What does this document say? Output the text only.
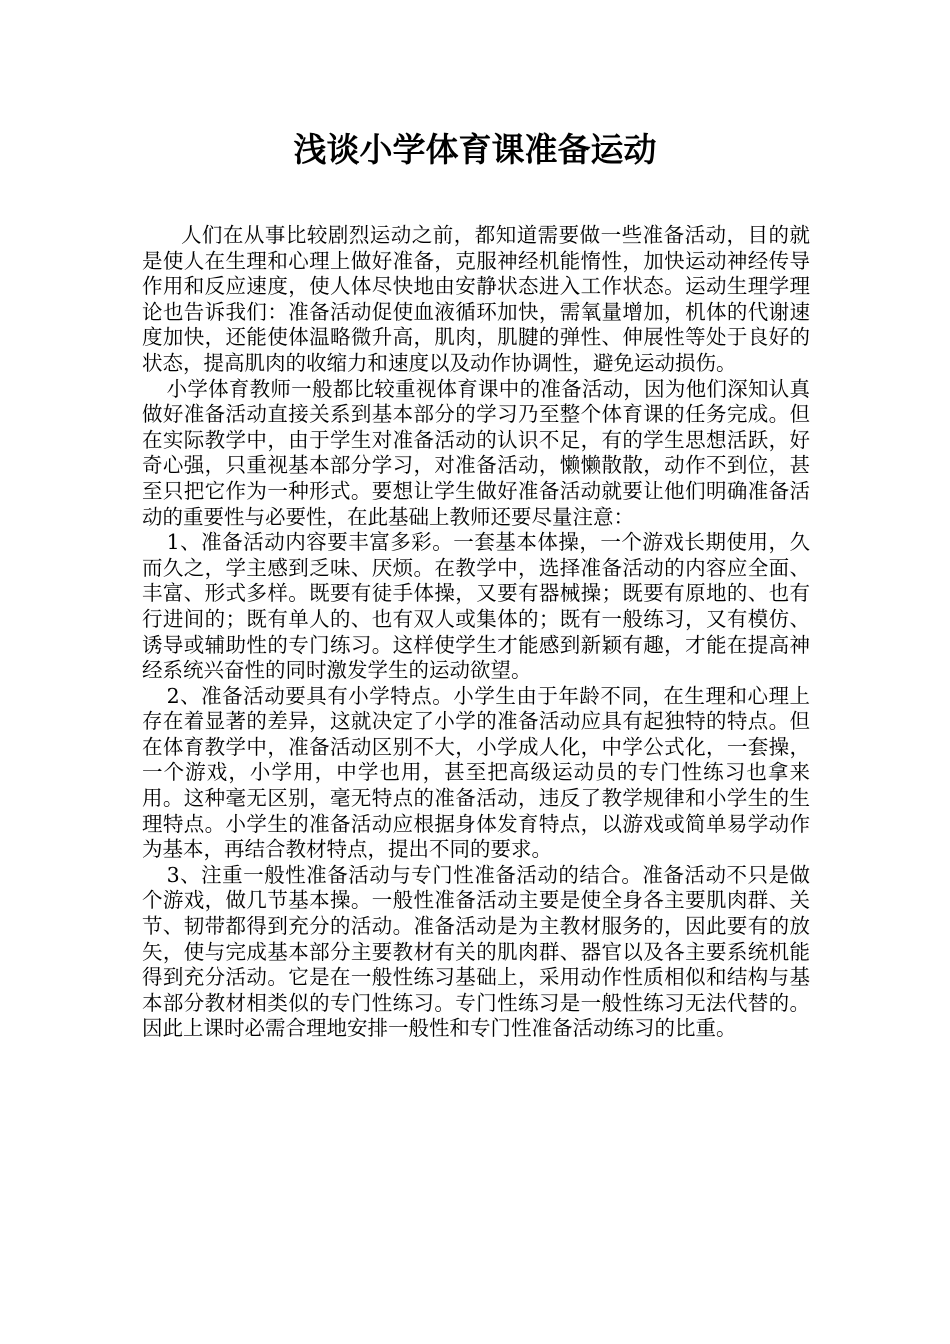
浅谈小学体育课准备运动

人们在从事比较剧烈运动之前，都知道需要做一些准备活动，目的就是使人在生理和心理上做好准备，克服神经机能惰性，加快运动神经传导作用和反应速度，使人体尽快地由安静状态进入工作状态。运动生理学理论也告诉我们：准备活动促使血液循环加快，需氧量增加，机体的代谢速度加快，还能使体温略微升高，肌肉，肌腱的弹性、伸展性等处于良好的状态，提高肌肉的收缩力和速度以及动作协调性，避免运动损伤。

小学体育教师一般都比较重视体育课中的准备活动，因为他们深知认真做好准备活动直接关系到基本部分的学习乃至整个体育课的任务完成。但在实际教学中，由于学生对准备活动的认识不足，有的学生思想活跃，好奇心强，只重视基本部分学习，对准备活动，懒懒散散，动作不到位，甚至只把它作为一种形式。要想让学生做好准备活动就要让他们明确准备活动的重要性与必要性，在此基础上教师还要尽量注意：

1、准备活动内容要丰富多彩。一套基本体操，一个游戏长期使用，久而久之，学主感到乏味、厌烦。在教学中，选择准备活动的内容应全面、丰富、形式多样。既要有徒手体操，又要有器械操；既要有原地的、也有行进间的；既有单人的、也有双人或集体的；既有一般练习，又有模仿、诱导或辅助性的专门练习。这样使学生才能感到新颖有趣，才能在提高神经系统兴奋性的同时激发学生的运动欲望。

2、准备活动要具有小学特点。小学生由于年龄不同，在生理和心理上存在着显著的差异，这就决定了小学的准备活动应具有起独特的特点。但在体育教学中，准备活动区别不大，小学成人化，中学公式化，一套操，一个游戏，小学用，中学也用，甚至把高级运动员的专门性练习也拿来用。这种毫无区别，毫无特点的准备活动，违反了教学规律和小学生的生理特点。小学生的准备活动应根据身体发育特点，以游戏或简单易学动作为基本，再结合教材特点，提出不同的要求。

3、注重一般性准备活动与专门性准备活动的结合。准备活动不只是做个游戏，做几节基本操。一般性准备活动主要是使全身各主要肌肉群、关节、韧带都得到充分的活动。准备活动是为主教材服务的，因此要有的放矢，使与完成基本部分主要教材有关的肌肉群、器官以及各主要系统机能得到充分活动。它是在一般性练习基础上，采用动作性质相似和结构与基本部分教材相类似的专门性练习。专门性练习是一般性练习无法代替的。因此上课时必需合理地安排一般性和专门性准备活动练习的比重。
